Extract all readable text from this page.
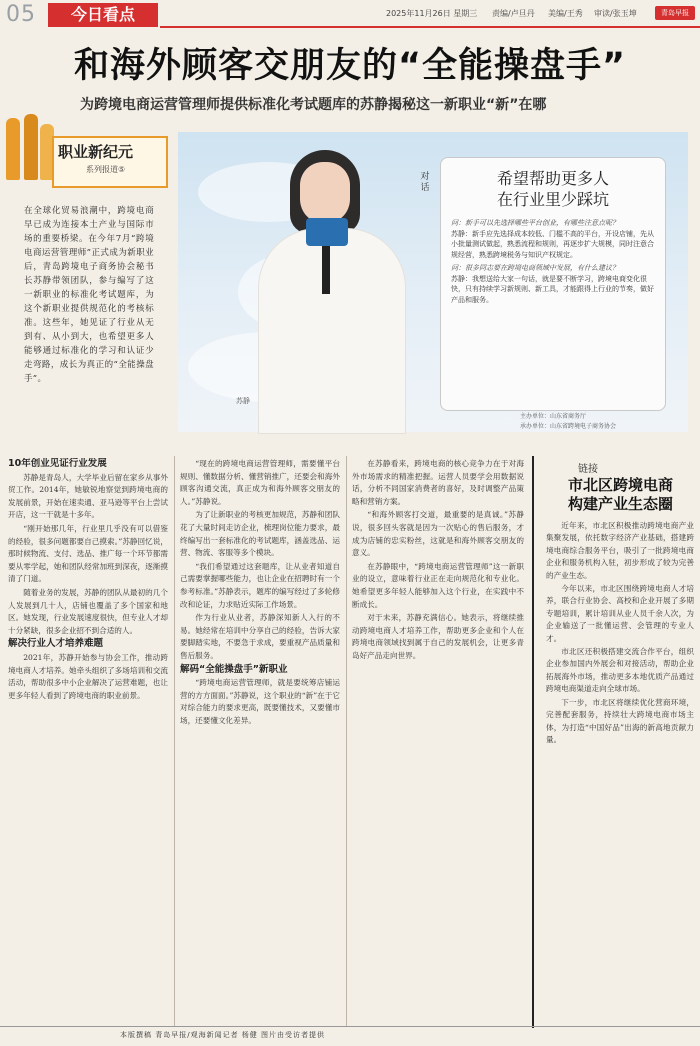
05	今日看点	2025年11月26日 星期三 责编/卢旦丹 美编/王秀 审读/张玉坤	青岛早报
和海外顾客交朋友的“全能操盘手”
为跨境电商运营管理师提供标准化考试题库的苏静揭秘这一新职业“新”在哪
职业新纪元
系列报道⑤
苏静
对话	希望帮助更多人
在行业里少踩坑
问：新手可以先选择哪些平台创业，有哪些注意点呢？
苏静：新手应先选择成本较低、门槛不高的平台，开设店铺，先从小批量测试做起，熟悉流程和规则，再逐步扩大规模，同时注意合规经营，熟悉跨境税务与知识产权规定。
问：很多同志要在跨境电商领域中发展，有什么建议？
苏静：我想送给大家一句话，就是要不断学习，跨境电商变化很快，只有持续学习新规则、新工具，才能跟得上行业的节奏，做好产品和服务。
主办单位：山东省商务厅
承办单位：山东省跨境电子商务协会
在全球化贸易浪潮中，跨境电商早已成为连接本土产业与国际市场的重要桥梁。在今年7月“跨境电商运营管理师”正式成为新职业后，青岛跨境电子商务协会秘书长苏静带领团队，参与编写了这一新职业的标准化考试题库，为这个新职业提供规范化的考核标准。这些年，她见证了行业从无到有、从小到大，也希望更多人能够通过标准化的学习和认证少走弯路，成长为真正的“全能操盘手”。

10年创业见证行业发展

苏静是青岛人，大学毕业后留在家乡从事外贸工作。2014年，她敏锐地察觉到跨境电商的发展前景，开始在速卖通、亚马逊等平台上尝试开店，这一干就是十多年。

“刚开始那几年，行业里几乎没有可以借鉴的经验，很多问题都要自己摸索。”苏静回忆说，那时候物流、支付、选品、推广每一个环节都需要从零学起，她和团队经常加班到深夜，逐渐摸清了门道。

随着业务的发展，苏静的团队从最初的几个人发展到几十人，店铺也覆盖了多个国家和地区。她发现，行业发展速度很快，但专业人才却十分紧缺，很多企业招不到合适的人。

解决行业人才培养难题

2021年，苏静开始参与协会工作，推动跨境电商人才培养。她牵头组织了多场培训和交流活动，帮助很多中小企业解决了运营难题，也让更多年轻人看到了跨境电商的职业前景。

“现在的跨境电商运营管理师，需要懂平台规则、懂数据分析、懂营销推广，还要会和海外顾客沟通交流，真正成为和海外顾客交朋友的人。”苏静说。

为了让新职业的考核更加规范，苏静和团队花了大量时间走访企业，梳理岗位能力要求，最终编写出一套标准化的考试题库，涵盖选品、运营、物流、客服等多个模块。

“我们希望通过这套题库，让从业者知道自己需要掌握哪些能力，也让企业在招聘时有一个参考标准。”苏静表示，题库的编写经过了多轮修改和论证，力求贴近实际工作场景。

作为行业从业者，苏静深知新人入行的不易。她经常在培训中分享自己的经验，告诉大家要脚踏实地，不要急于求成，要重视产品质量和售后服务。

解码“全能操盘手”新职业

“跨境电商运营管理师，就是要统筹店铺运营的方方面面。”苏静说，这个职业的“新”在于它对综合能力的要求更高，既要懂技术，又要懂市场，还要懂文化差异。

在苏静看来，跨境电商的核心竞争力在于对海外市场需求的精准把握。运营人员要学会用数据说话，分析不同国家消费者的喜好，及时调整产品策略和营销方案。

“和海外顾客打交道，最重要的是真诚。”苏静说，很多回头客就是因为一次贴心的售后服务，才成为店铺的忠实粉丝，这就是和海外顾客交朋友的意义。

在苏静眼中，“跨境电商运营管理师”这一新职业的设立，意味着行业正在走向规范化和专业化。她希望更多年轻人能够加入这个行业，在实践中不断成长。

对于未来，苏静充满信心。她表示，将继续推动跨境电商人才培养工作，帮助更多企业和个人在跨境电商领域找到属于自己的发展机会，让更多青岛好产品走向世界。

链接
市北区跨境电商
构建产业生态圈

近年来，市北区积极推动跨境电商产业集聚发展，依托数字经济产业基础，搭建跨境电商综合服务平台，吸引了一批跨境电商企业和服务机构入驻，初步形成了较为完善的产业生态。

今年以来，市北区围绕跨境电商人才培养，联合行业协会、高校和企业开展了多期专题培训，累计培训从业人员千余人次，为企业输送了一批懂运营、会管理的专业人才。

市北区还积极搭建交流合作平台，组织企业参加国内外展会和对接活动，帮助企业拓展海外市场，推动更多本地优质产品通过跨境电商渠道走向全球市场。

下一步，市北区将继续优化营商环境，完善配套服务，持续壮大跨境电商市场主体，为打造“中国好品”出海的新高地贡献力量。

本版撰稿 青岛早报/观海新闻记者 杨健 图片由受访者提供
